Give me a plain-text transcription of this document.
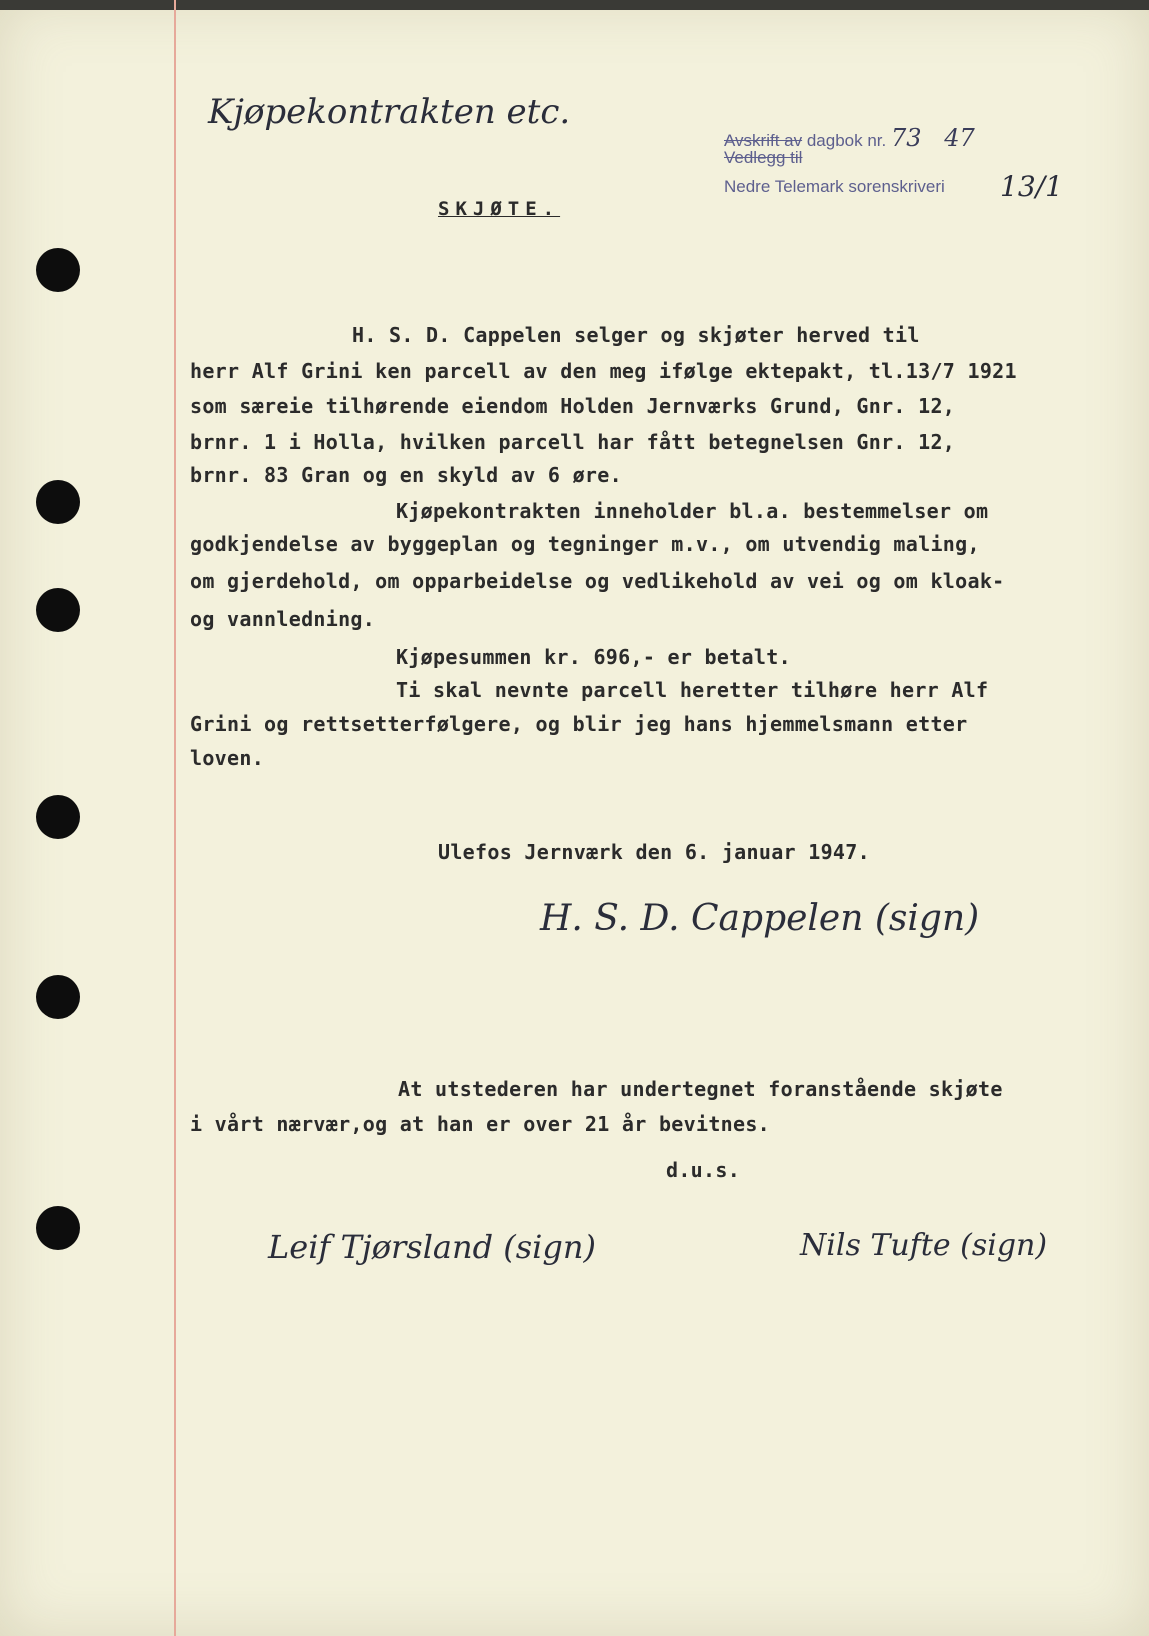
Kjøpekontrakten etc.
Avskrift av dagbok nr. 73 47
Vedlegg til
Nedre Telemark sorenskriveri 13/1
SKJØTE.
H. S. D. Cappelen selger og skjøter herved til
herr Alf Grini ken parcell av den meg ifølge ektepakt, tl.13/7 1921
som særeie tilhørende eiendom Holden Jernværks Grund, Gnr. 12,
brnr. 1 i Holla, hvilken parcell har fått betegnelsen Gnr. 12,
brnr. 83 Gran og en skyld av 6 øre.
Kjøpekontrakten inneholder bl.a. bestemmelser om
godkjendelse av byggeplan og tegninger m.v., om utvendig maling,
om gjerdehold, om opparbeidelse og vedlikehold av vei og om kloak-
og vannledning.
Kjøpesummen kr. 696,- er betalt.
Ti skal nevnte parcell heretter tilhøre herr Alf
Grini og rettsetterfølgere, og blir jeg hans hjemmelsmann etter
loven.
Ulefos Jernværk den 6. januar 1947.
H. S. D. Cappelen (sign)
At utstederen har undertegnet foranstående skjøte
i vårt nærvær,og at han er over 21 år bevitnes.
d.u.s.
Leif Tjørsland (sign)	Nils Tufte (sign)
